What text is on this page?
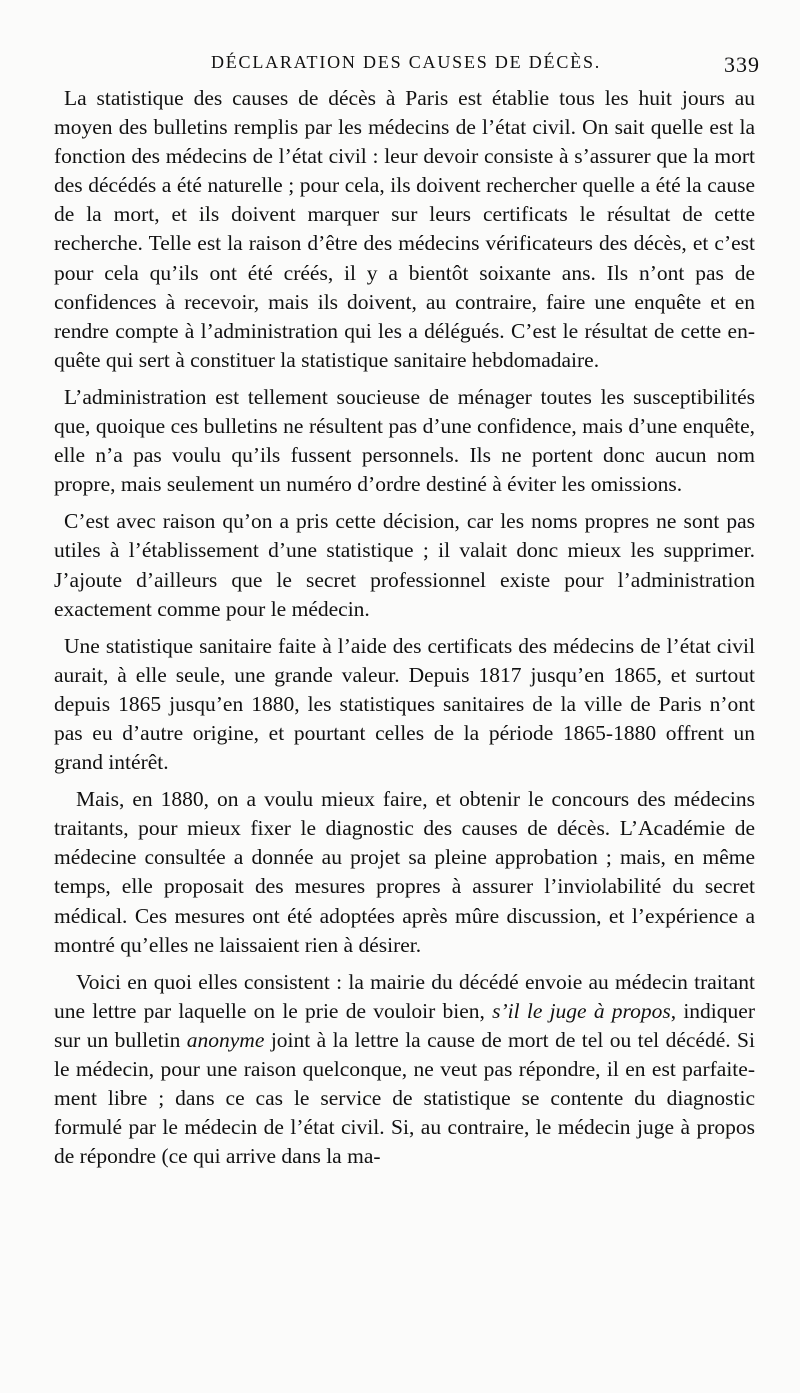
DÉCLARATION DES CAUSES DE DÉCÈS.	339

La statistique des causes de décès à Paris est établie tous les huit jours au moyen des bulletins remplis par les médecins de l’état civil. On sait quelle est la fonction des médecins de l’état civil : leur devoir consiste à s’assurer que la mort des décédés a été naturelle ; pour cela, ils doivent rechercher quelle a été la cause de la mort, et ils doivent marquer sur leurs certificats le résultat de cette recherche. Telle est la raison d’être des médecins vérificateurs des décès, et c’est pour cela qu’ils ont été créés, il y a bientôt soixante ans. Ils n’ont pas de confidences à recevoir, mais ils doivent, au contraire, faire une enquête et en rendre compte à l’administration qui les a délégués. C’est le résultat de cette enquête qui sert à constituer la statistique sanitaire hebdomadaire.

L’administration est tellement soucieuse de ménager toutes les susceptibilités que, quoique ces bulletins ne résultent pas d’une confidence, mais d’une enquête, elle n’a pas voulu qu’ils fussent personnels. Ils ne portent donc aucun nom propre, mais seulement un numéro d’ordre destiné à éviter les omissions.

C’est avec raison qu’on a pris cette décision, car les noms propres ne sont pas utiles à l’établissement d’une statistique ; il valait donc mieux les supprimer. J’ajoute d’ailleurs que le secret professionnel existe pour l’administration exactement comme pour le médecin.

Une statistique sanitaire faite à l’aide des certificats des médecins de l’état civil aurait, à elle seule, une grande valeur. Depuis 1817 jusqu’en 1865, et surtout depuis 1865 jusqu’en 1880, les statistiques sanitaires de la ville de Paris n’ont pas eu d’autre origine, et pourtant celles de la période 1865-1880 offrent un grand intérêt.

Mais, en 1880, on a voulu mieux faire, et obtenir le concours des médecins traitants, pour mieux fixer le diagnostic des causes de décès. L’Académie de médecine consultée a donnée au projet sa pleine approbation ; mais, en même temps, elle proposait des mesures propres à assurer l’inviolabilité du secret médical. Ces mesures ont été adoptées après mûre discussion, et l’expérience a montré qu’elles ne laissaient rien à désirer.

Voici en quoi elles consistent : la mairie du décédé envoie au médecin traitant une lettre par laquelle on le prie de vouloir bien, s’il le juge à propos, indiquer sur un bulletin anonyme joint à la lettre la cause de mort de tel ou tel décédé. Si le médecin, pour une raison quelconque, ne veut pas répondre, il en est parfaitement libre ; dans ce cas le service de statistique se contente du diagnostic formulé par le médecin de l’état civil. Si, au contraire, le médecin juge à propos de répondre (ce qui arrive dans la ma-
